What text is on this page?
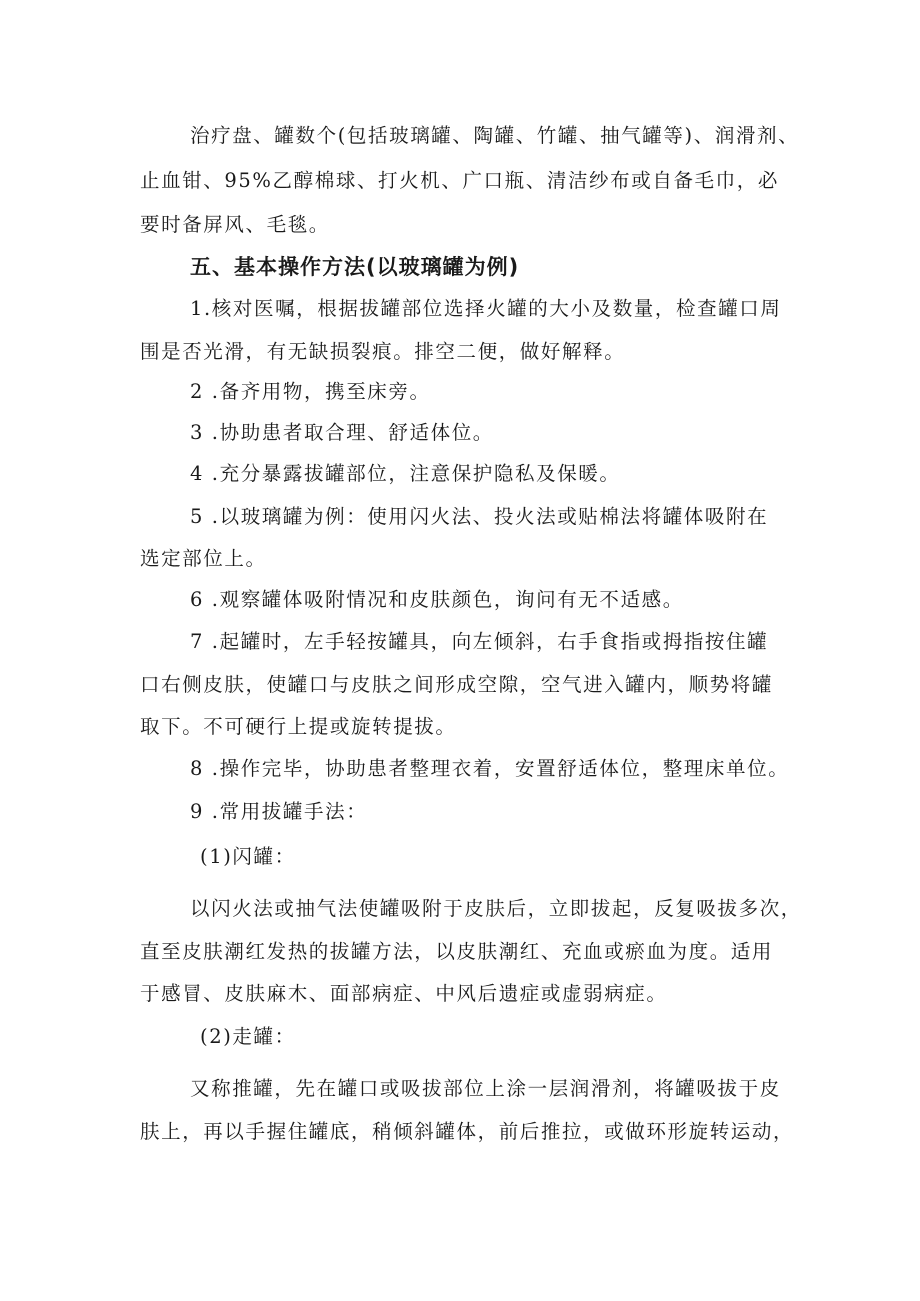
治疗盘、罐数个(包括玻璃罐、陶罐、竹罐、抽气罐等)、润滑剂、
止血钳、95%乙醇棉球、打火机、广口瓶、清洁纱布或自备毛巾，必
要时备屏风、毛毯。
五、基本操作方法(以玻璃罐为例)
1.核对医嘱，根据拔罐部位选择火罐的大小及数量，检查罐口周
围是否光滑，有无缺损裂痕。排空二便，做好解释。
2 .备齐用物，携至床旁。
3 .协助患者取合理、舒适体位。
4 .充分暴露拔罐部位，注意保护隐私及保暖。
5 .以玻璃罐为例：使用闪火法、投火法或贴棉法将罐体吸附在
选定部位上。
6 .观察罐体吸附情况和皮肤颜色，询问有无不适感。
7 .起罐时，左手轻按罐具，向左倾斜，右手食指或拇指按住罐
口右侧皮肤，使罐口与皮肤之间形成空隙，空气进入罐内，顺势将罐
取下。不可硬行上提或旋转提拔。
8 .操作完毕，协助患者整理衣着，安置舒适体位，整理床单位。
9 .常用拔罐手法：
(1)闪罐：
以闪火法或抽气法使罐吸附于皮肤后，立即拔起，反复吸拔多次，
直至皮肤潮红发热的拔罐方法，以皮肤潮红、充血或瘀血为度。适用
于感冒、皮肤麻木、面部病症、中风后遗症或虚弱病症。
(2)走罐：
又称推罐，先在罐口或吸拔部位上涂一层润滑剂，将罐吸拔于皮
肤上，再以手握住罐底，稍倾斜罐体，前后推拉，或做环形旋转运动，
